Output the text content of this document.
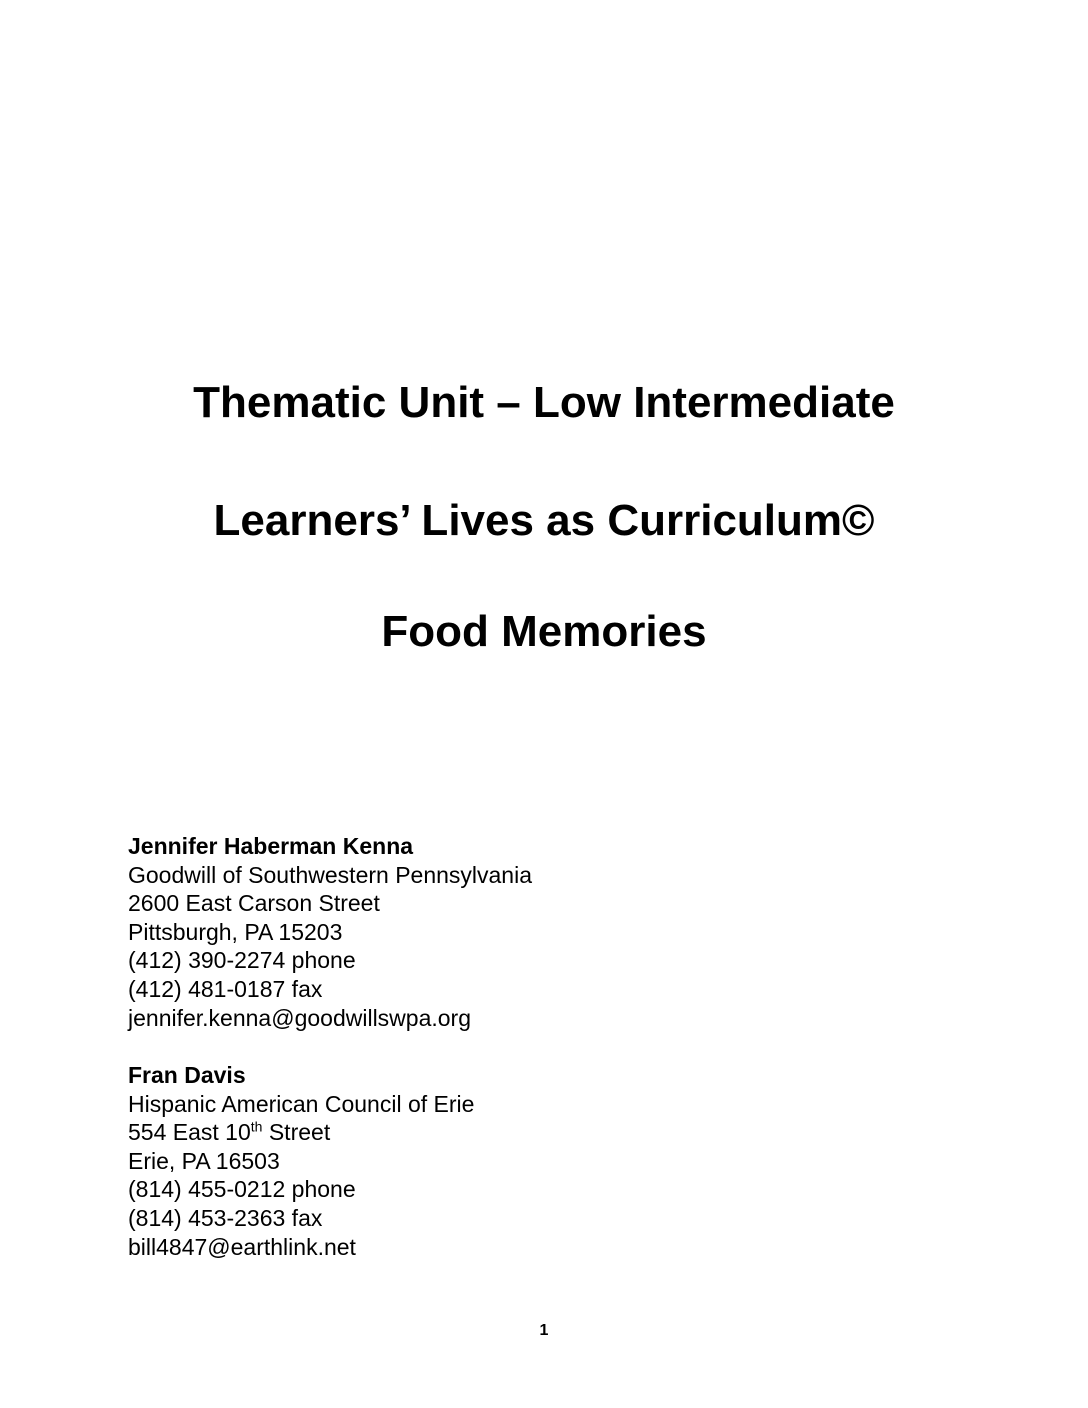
Thematic Unit – Low Intermediate
Learners’ Lives as Curriculum©
Food Memories
Jennifer Haberman Kenna
Goodwill of Southwestern Pennsylvania
2600 East Carson Street
Pittsburgh, PA 15203
(412) 390-2274 phone
(412) 481-0187 fax
jennifer.kenna@goodwillswpa.org
Fran Davis
Hispanic American Council of Erie
554 East 10th Street
Erie, PA 16503
(814) 455-0212 phone
(814) 453-2363 fax
bill4847@earthlink.net
1
